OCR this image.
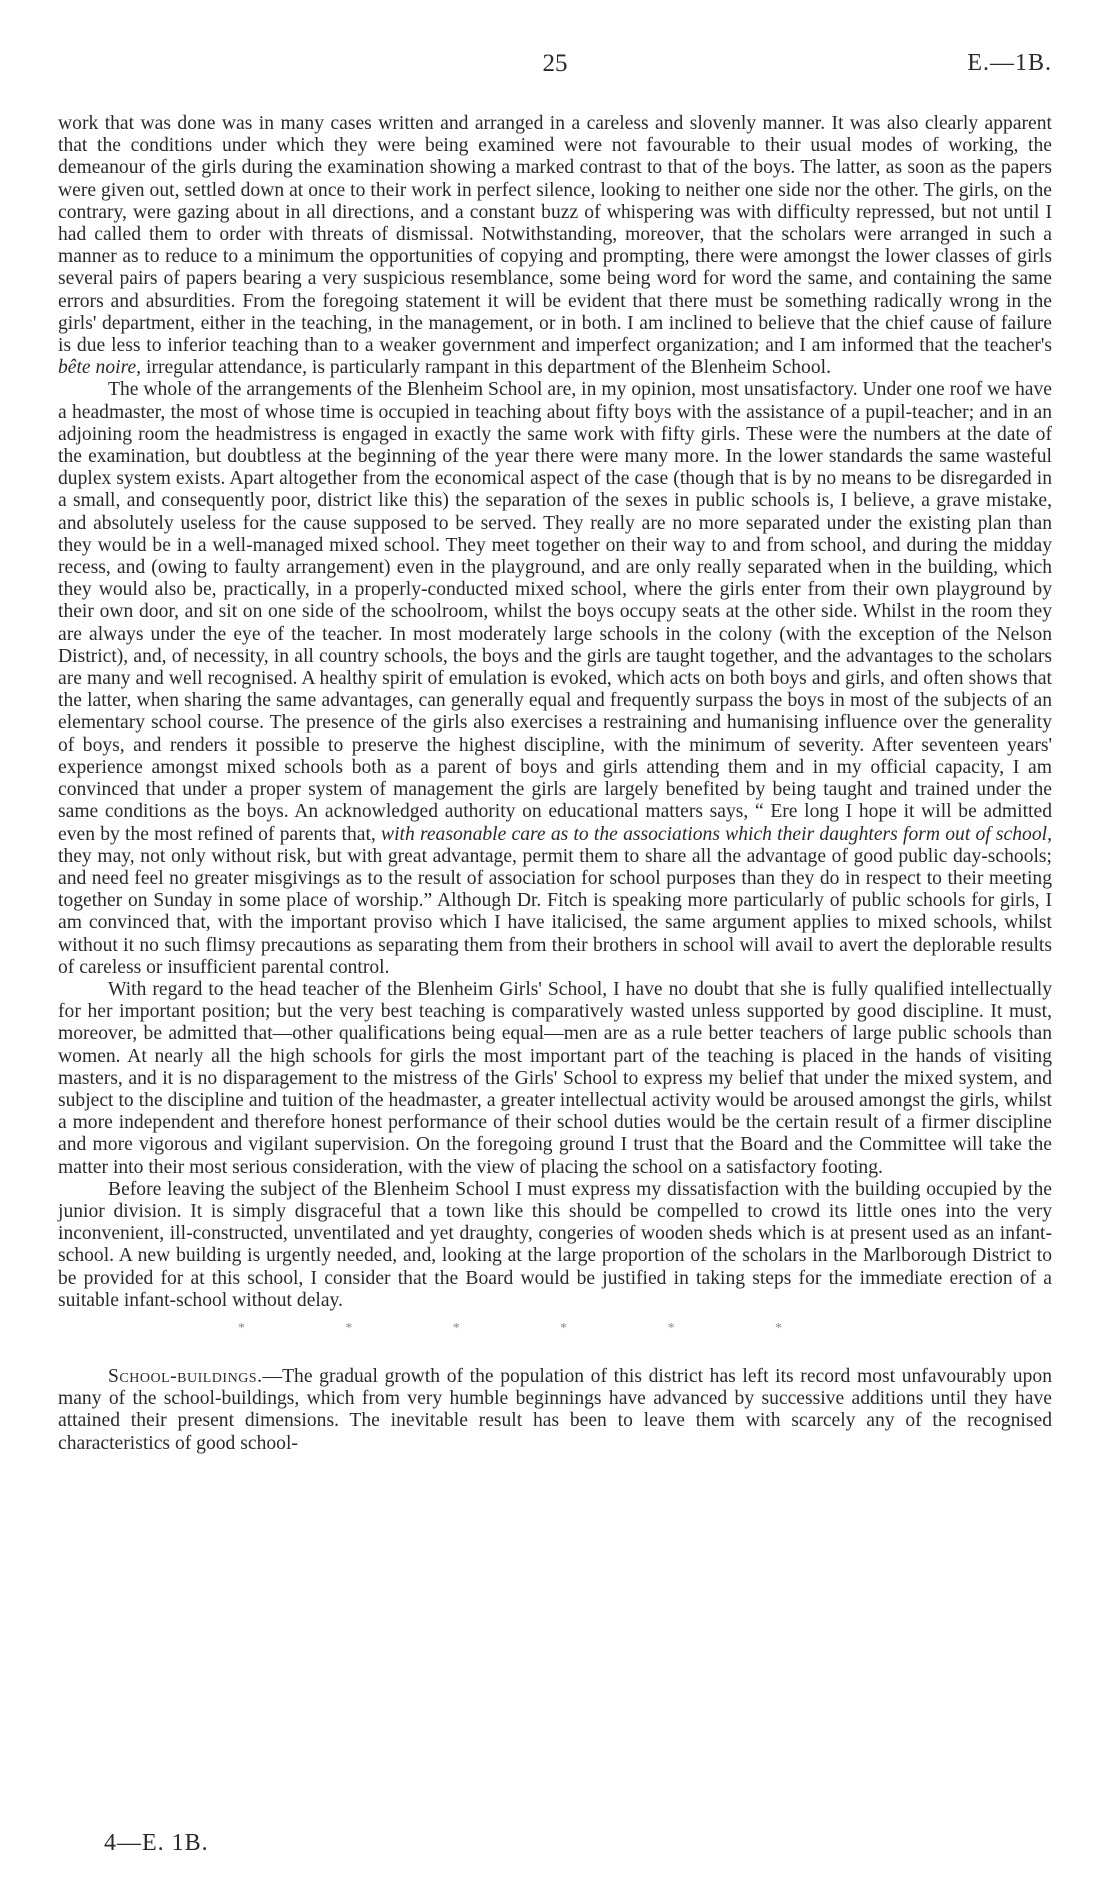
25	E.—1B.

work that was done was in many cases written and arranged in a careless and slovenly manner. It was also clearly apparent that the conditions under which they were being examined were not favourable to their usual modes of working, the demeanour of the girls during the examination showing a marked contrast to that of the boys. The latter, as soon as the papers were given out, settled down at once to their work in perfect silence, looking to neither one side nor the other. The girls, on the contrary, were gazing about in all directions, and a constant buzz of whispering was with difficulty repressed, but not until I had called them to order with threats of dismissal. Notwithstanding, moreover, that the scholars were arranged in such a manner as to reduce to a minimum the opportunities of copying and prompting, there were amongst the lower classes of girls several pairs of papers bearing a very suspicious resemblance, some being word for word the same, and containing the same errors and absurdities. From the foregoing statement it will be evident that there must be something radically wrong in the girls' department, either in the teaching, in the management, or in both. I am inclined to believe that the chief cause of failure is due less to inferior teaching than to a weaker government and imperfect organization; and I am informed that the teacher's bête noire, irregular attendance, is particularly rampant in this department of the Blenheim School.

The whole of the arrangements of the Blenheim School are, in my opinion, most unsatisfactory. Under one roof we have a headmaster, the most of whose time is occupied in teaching about fifty boys with the assistance of a pupil-teacher; and in an adjoining room the headmistress is engaged in exactly the same work with fifty girls. These were the numbers at the date of the examination, but doubtless at the beginning of the year there were many more. In the lower standards the same wasteful duplex system exists. Apart altogether from the economical aspect of the case (though that is by no means to be disregarded in a small, and consequently poor, district like this) the separation of the sexes in public schools is, I believe, a grave mistake, and absolutely useless for the cause supposed to be served. They really are no more separated under the existing plan than they would be in a well-managed mixed school. They meet together on their way to and from school, and during the midday recess, and (owing to faulty arrangement) even in the playground, and are only really separated when in the building, which they would also be, practically, in a properly-conducted mixed school, where the girls enter from their own playground by their own door, and sit on one side of the schoolroom, whilst the boys occupy seats at the other side. Whilst in the room they are always under the eye of the teacher. In most moderately large schools in the colony (with the exception of the Nelson District), and, of necessity, in all country schools, the boys and the girls are taught together, and the advantages to the scholars are many and well recognised. A healthy spirit of emulation is evoked, which acts on both boys and girls, and often shows that the latter, when sharing the same advantages, can generally equal and frequently surpass the boys in most of the subjects of an elementary school course. The presence of the girls also exercises a restraining and humanising influence over the generality of boys, and renders it possible to preserve the highest discipline, with the minimum of severity. After seventeen years' experience amongst mixed schools both as a parent of boys and girls attending them and in my official capacity, I am convinced that under a proper system of management the girls are largely benefited by being taught and trained under the same conditions as the boys. An acknowledged authority on educational matters says, “ Ere long I hope it will be admitted even by the most refined of parents that, with reasonable care as to the associations which their daughters form out of school, they may, not only without risk, but with great advantage, permit them to share all the advantage of good public day-schools; and need feel no greater misgivings as to the result of association for school purposes than they do in respect to their meeting together on Sunday in some place of worship.” Although Dr. Fitch is speaking more particularly of public schools for girls, I am convinced that, with the important proviso which I have italicised, the same argument applies to mixed schools, whilst without it no such flimsy precautions as separating them from their brothers in school will avail to avert the deplorable results of careless or insufficient parental control.

With regard to the head teacher of the Blenheim Girls' School, I have no doubt that she is fully qualified intellectually for her important position; but the very best teaching is comparatively wasted unless supported by good discipline. It must, moreover, be admitted that—other qualifications being equal—men are as a rule better teachers of large public schools than women. At nearly all the high schools for girls the most important part of the teaching is placed in the hands of visiting masters, and it is no disparagement to the mistress of the Girls' School to express my belief that under the mixed system, and subject to the discipline and tuition of the headmaster, a greater intellectual activity would be aroused amongst the girls, whilst a more independent and therefore honest performance of their school duties would be the certain result of a firmer discipline and more vigorous and vigilant supervision. On the foregoing ground I trust that the Board and the Committee will take the matter into their most serious consideration, with the view of placing the school on a satisfactory footing.

Before leaving the subject of the Blenheim School I must express my dissatisfaction with the building occupied by the junior division. It is simply disgraceful that a town like this should be compelled to crowd its little ones into the very inconvenient, ill-constructed, unventilated and yet draughty, congeries of wooden sheds which is at present used as an infant-school. A new building is urgently needed, and, looking at the large proportion of the scholars in the Marlborough District to be provided for at this school, I consider that the Board would be justified in taking steps for the immediate erection of a suitable infant-school without delay.

*	*	*	*	*	*

School-buildings.—The gradual growth of the population of this district has left its record most unfavourably upon many of the school-buildings, which from very humble beginnings have advanced by successive additions until they have attained their present dimensions. The inevitable result has been to leave them with scarcely any of the recognised characteristics of good school-

4—E. 1B.
